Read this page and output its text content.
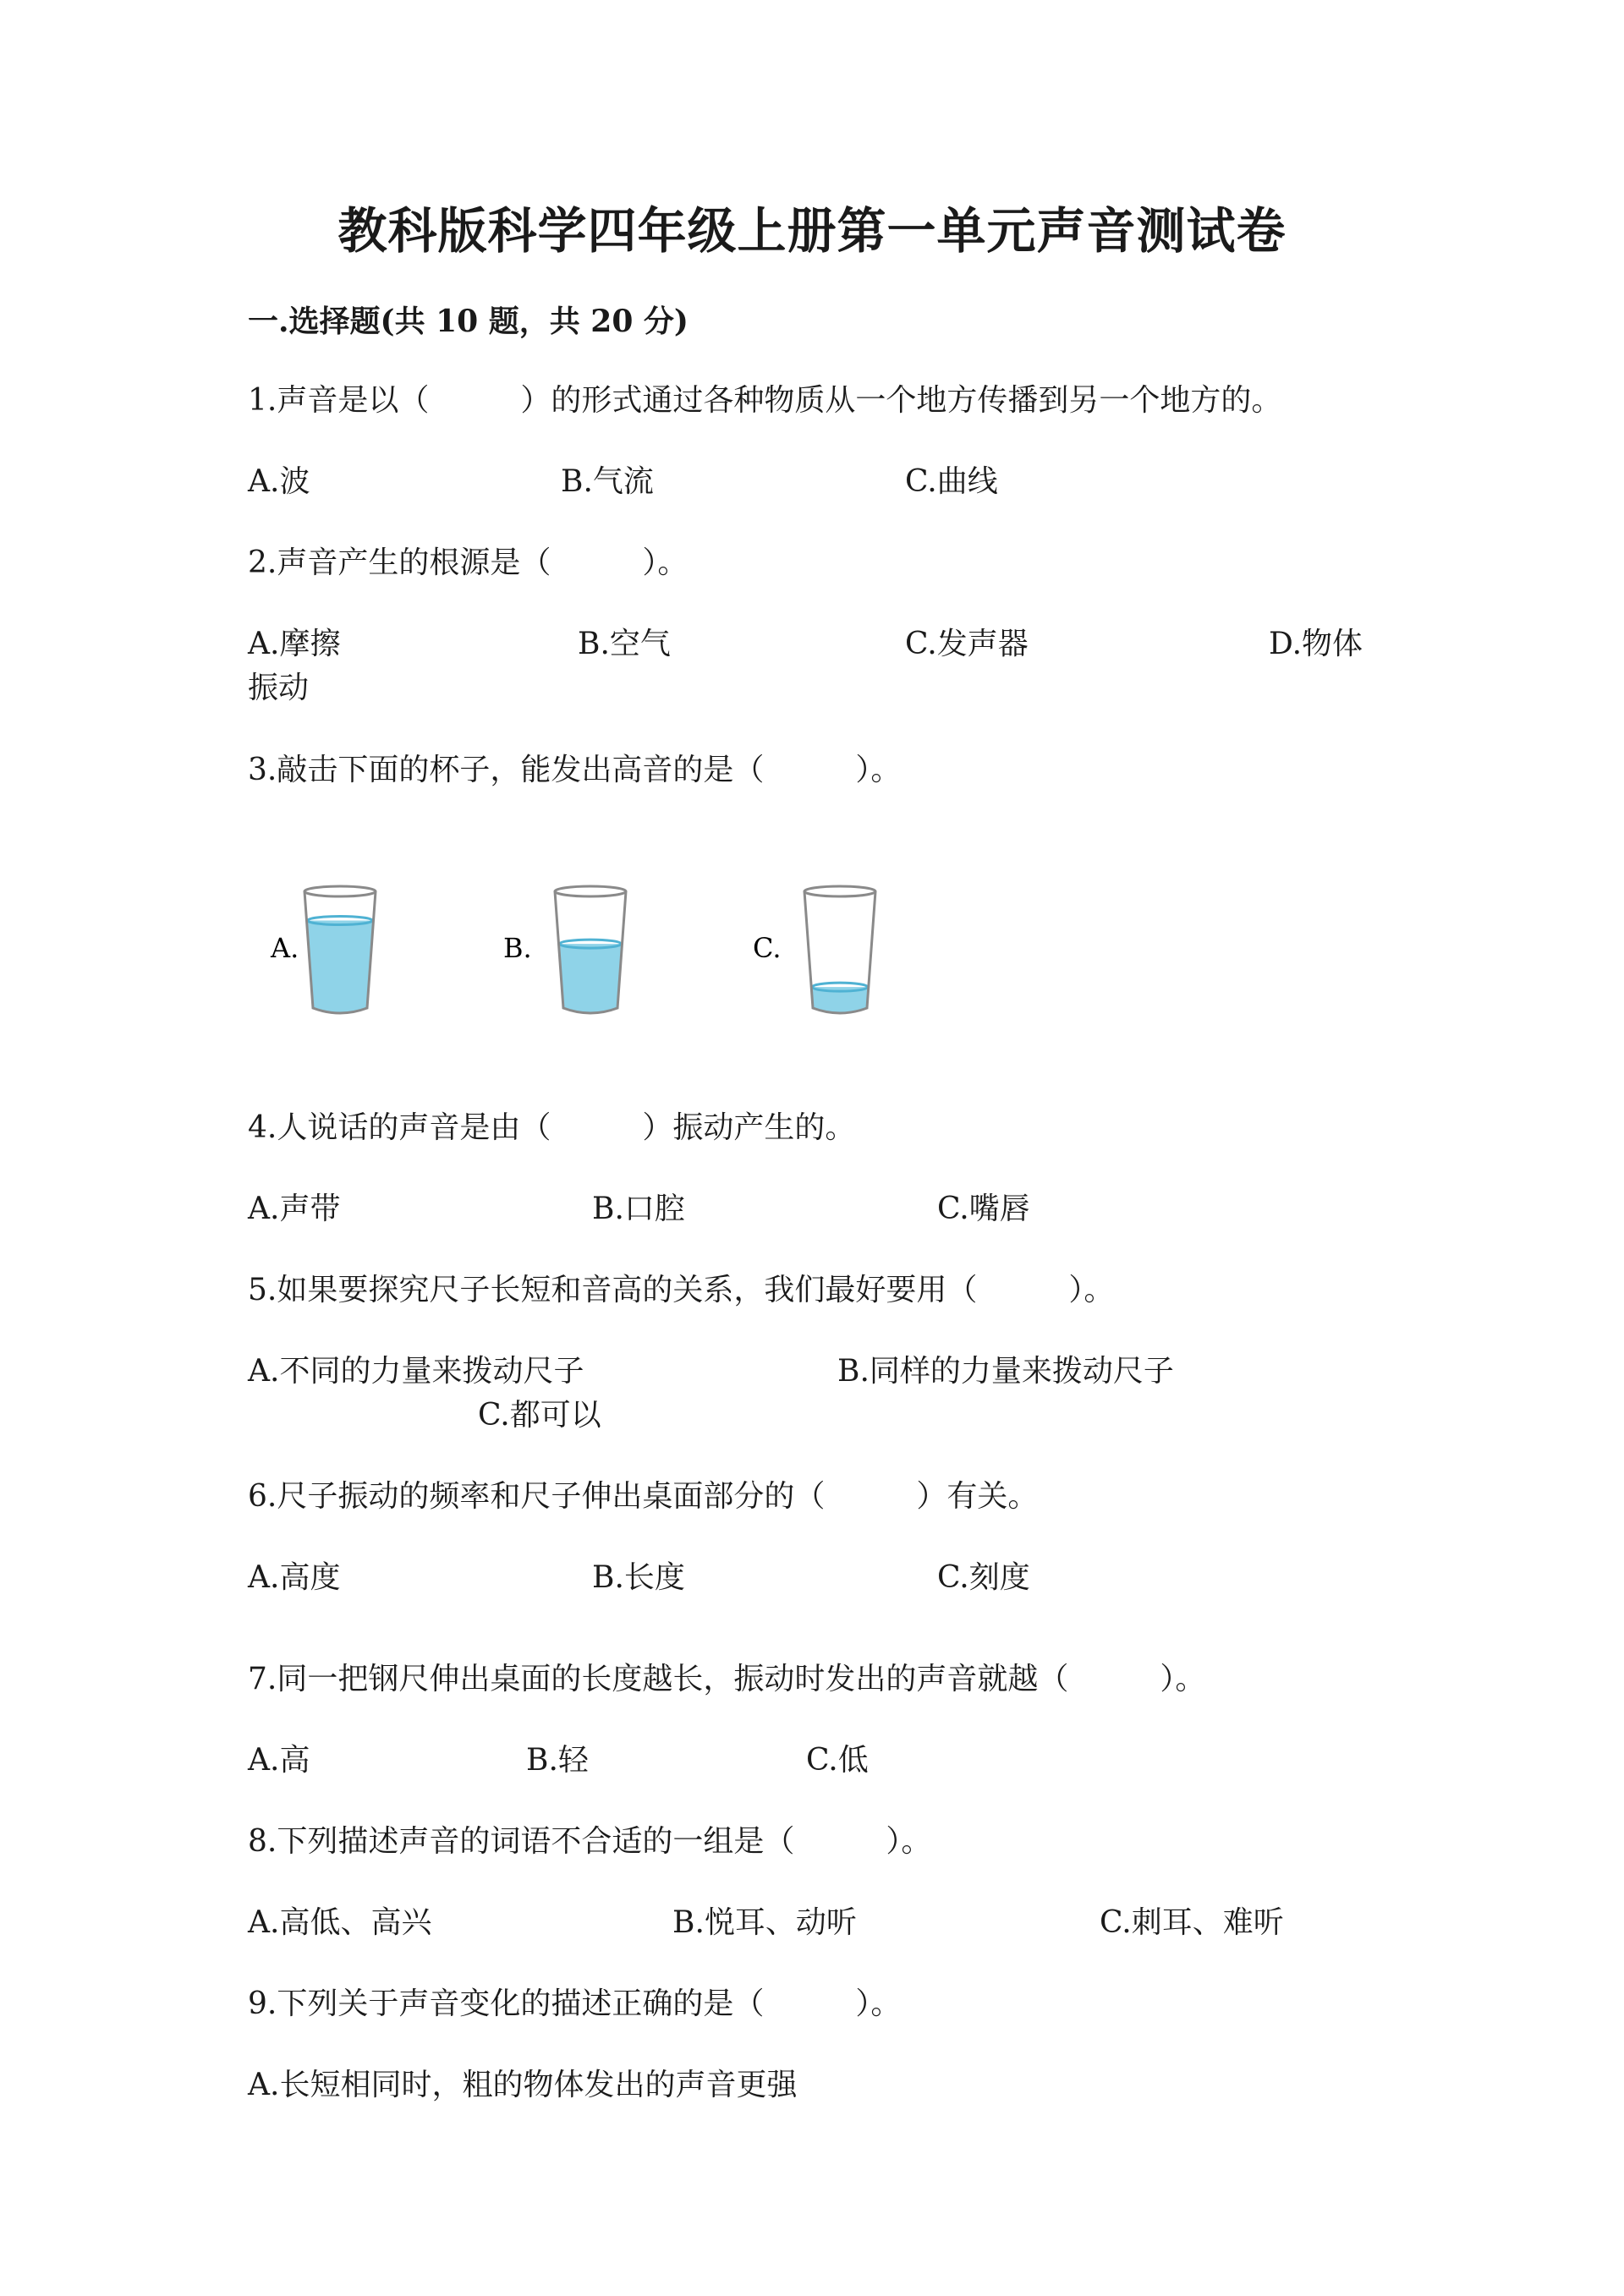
教科版科学四年级上册第一单元声音测试卷
一.选择题(共 10 题，共 20 分)
1.声音是以（　　　）的形式通过各种物质从一个地方传播到另一个地方的。
A.波	B.气流	C.曲线
2.声音产生的根源是（　　　）。
A.摩擦	B.空气	C.发声器	D.物体
振动
3.敲击下面的杯子，能发出高音的是（　　　）。
A.	B.	C.
4.人说话的声音是由（　　　）振动产生的。
A.声带	B.口腔	C.嘴唇
5.如果要探究尺子长短和音高的关系，我们最好要用（　　　）。
A.不同的力量来拨动尺子	B.同样的力量来拨动尺子
C.都可以
6.尺子振动的频率和尺子伸出桌面部分的（　　　）有关。
A.高度	B.长度	C.刻度
7.同一把钢尺伸出桌面的长度越长，振动时发出的声音就越（　　　）。
A.高	B.轻	C.低
8.下列描述声音的词语不合适的一组是（　　　）。
A.高低、高兴	B.悦耳、动听	C.刺耳、难听
9.下列关于声音变化的描述正确的是（　　　）。
A.长短相同时，粗的物体发出的声音更强
